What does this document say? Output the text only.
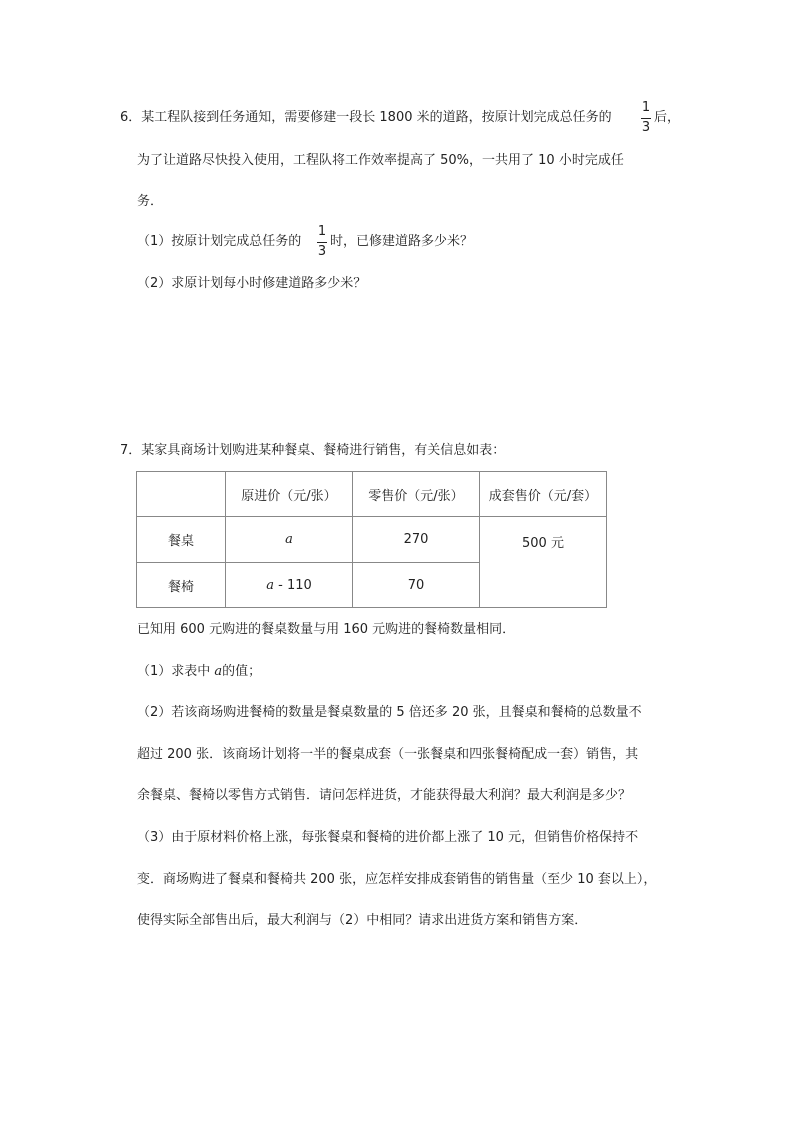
6．某工程队接到任务通知，需要修建一段长 1800 米的道路，按原计划完成总任务的
1
3
后，
为了让道路尽快投入使用，工程队将工作效率提高了 50%，一共用了 10 小时完成任
务．
（1）按原计划完成总任务的
1
3
时，已修建道路多少米？
（2）求原计划每小时修建道路多少米？
7．某家具商场计划购进某种餐桌、餐椅进行销售，有关信息如表：
	原进价（元/张）	零售价（元/张）	成套售价（元/套）
餐桌	a	270	500 元
餐椅	a - 110	70	
已知用 600 元购进的餐桌数量与用 160 元购进的餐椅数量相同．
（1）求表中 a的值；
（2）若该商场购进餐椅的数量是餐桌数量的 5 倍还多 20 张，且餐桌和餐椅的总数量不
超过 200 张．该商场计划将一半的餐桌成套（一张餐桌和四张餐椅配成一套）销售，其
余餐桌、餐椅以零售方式销售．请问怎样进货，才能获得最大利润？最大利润是多少？
（3）由于原材料价格上涨，每张餐桌和餐椅的进价都上涨了 10 元，但销售价格保持不
变．商场购进了餐桌和餐椅共 200 张，应怎样安排成套销售的销售量（至少 10 套以上），
使得实际全部售出后，最大利润与（2）中相同？请求出进货方案和销售方案．
